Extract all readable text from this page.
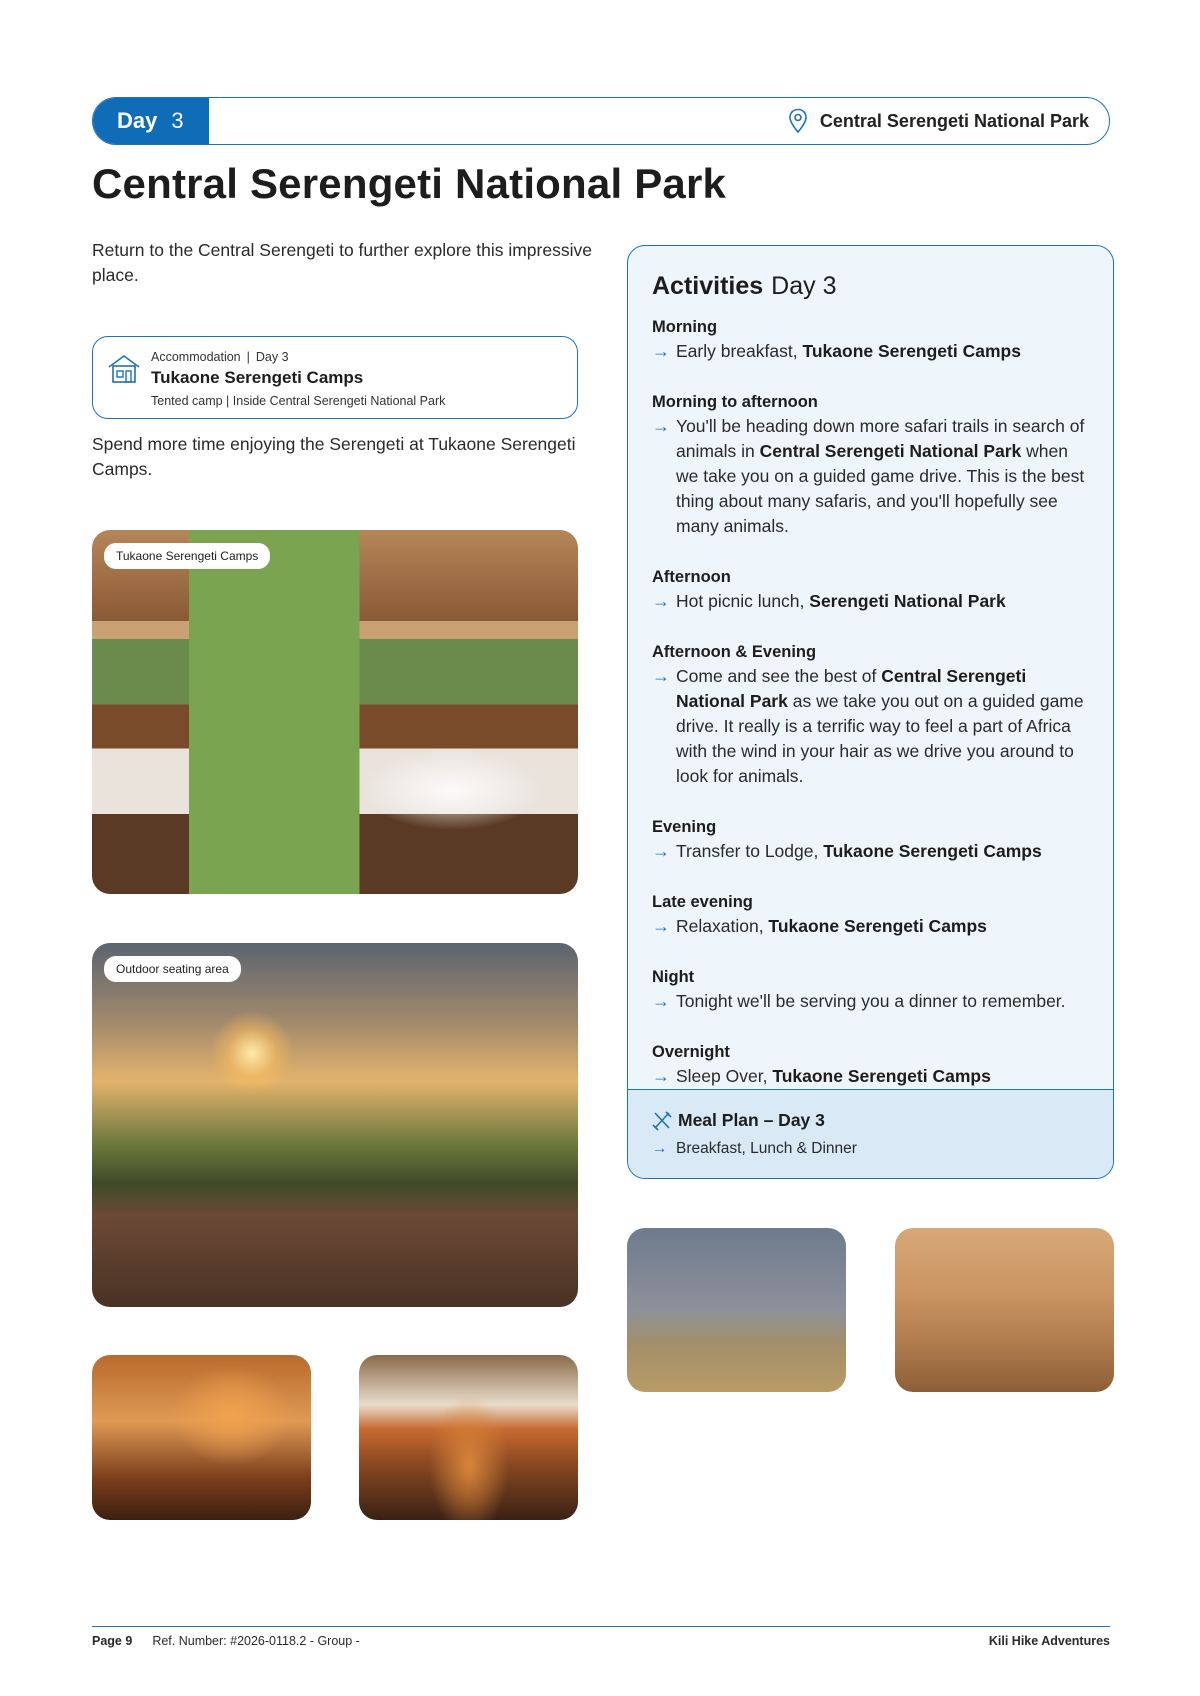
Day 3	Central Serengeti National Park
Central Serengeti National Park
Return to the Central Serengeti to further explore this impressive place.
Accommodation | Day 3
Tukaone Serengeti Camps
Tented camp | Inside Central Serengeti National Park
Spend more time enjoying the Serengeti at Tukaone Serengeti Camps.
Tukaone Serengeti Camps
Outdoor seating area
Activities Day 3
Morning
→ Early breakfast, Tukaone Serengeti Camps
Morning to afternoon
→ You'll be heading down more safari trails in search of animals in Central Serengeti National Park when we take you on a guided game drive. This is the best thing about many safaris, and you'll hopefully see many animals.
Afternoon
→ Hot picnic lunch, Serengeti National Park
Afternoon & Evening
→ Come and see the best of Central Serengeti National Park as we take you out on a guided game drive. It really is a terrific way to feel a part of Africa with the wind in your hair as we drive you around to look for animals.
Evening
→ Transfer to Lodge, Tukaone Serengeti Camps
Late evening
→ Relaxation, Tukaone Serengeti Camps
Night
→ Tonight we'll be serving you a dinner to remember.
Overnight
→ Sleep Over, Tukaone Serengeti Camps
Meal Plan – Day 3
→ Breakfast, Lunch & Dinner
Page 9 Ref. Number: #2026-0118.2 - Group -	Kili Hike Adventures
